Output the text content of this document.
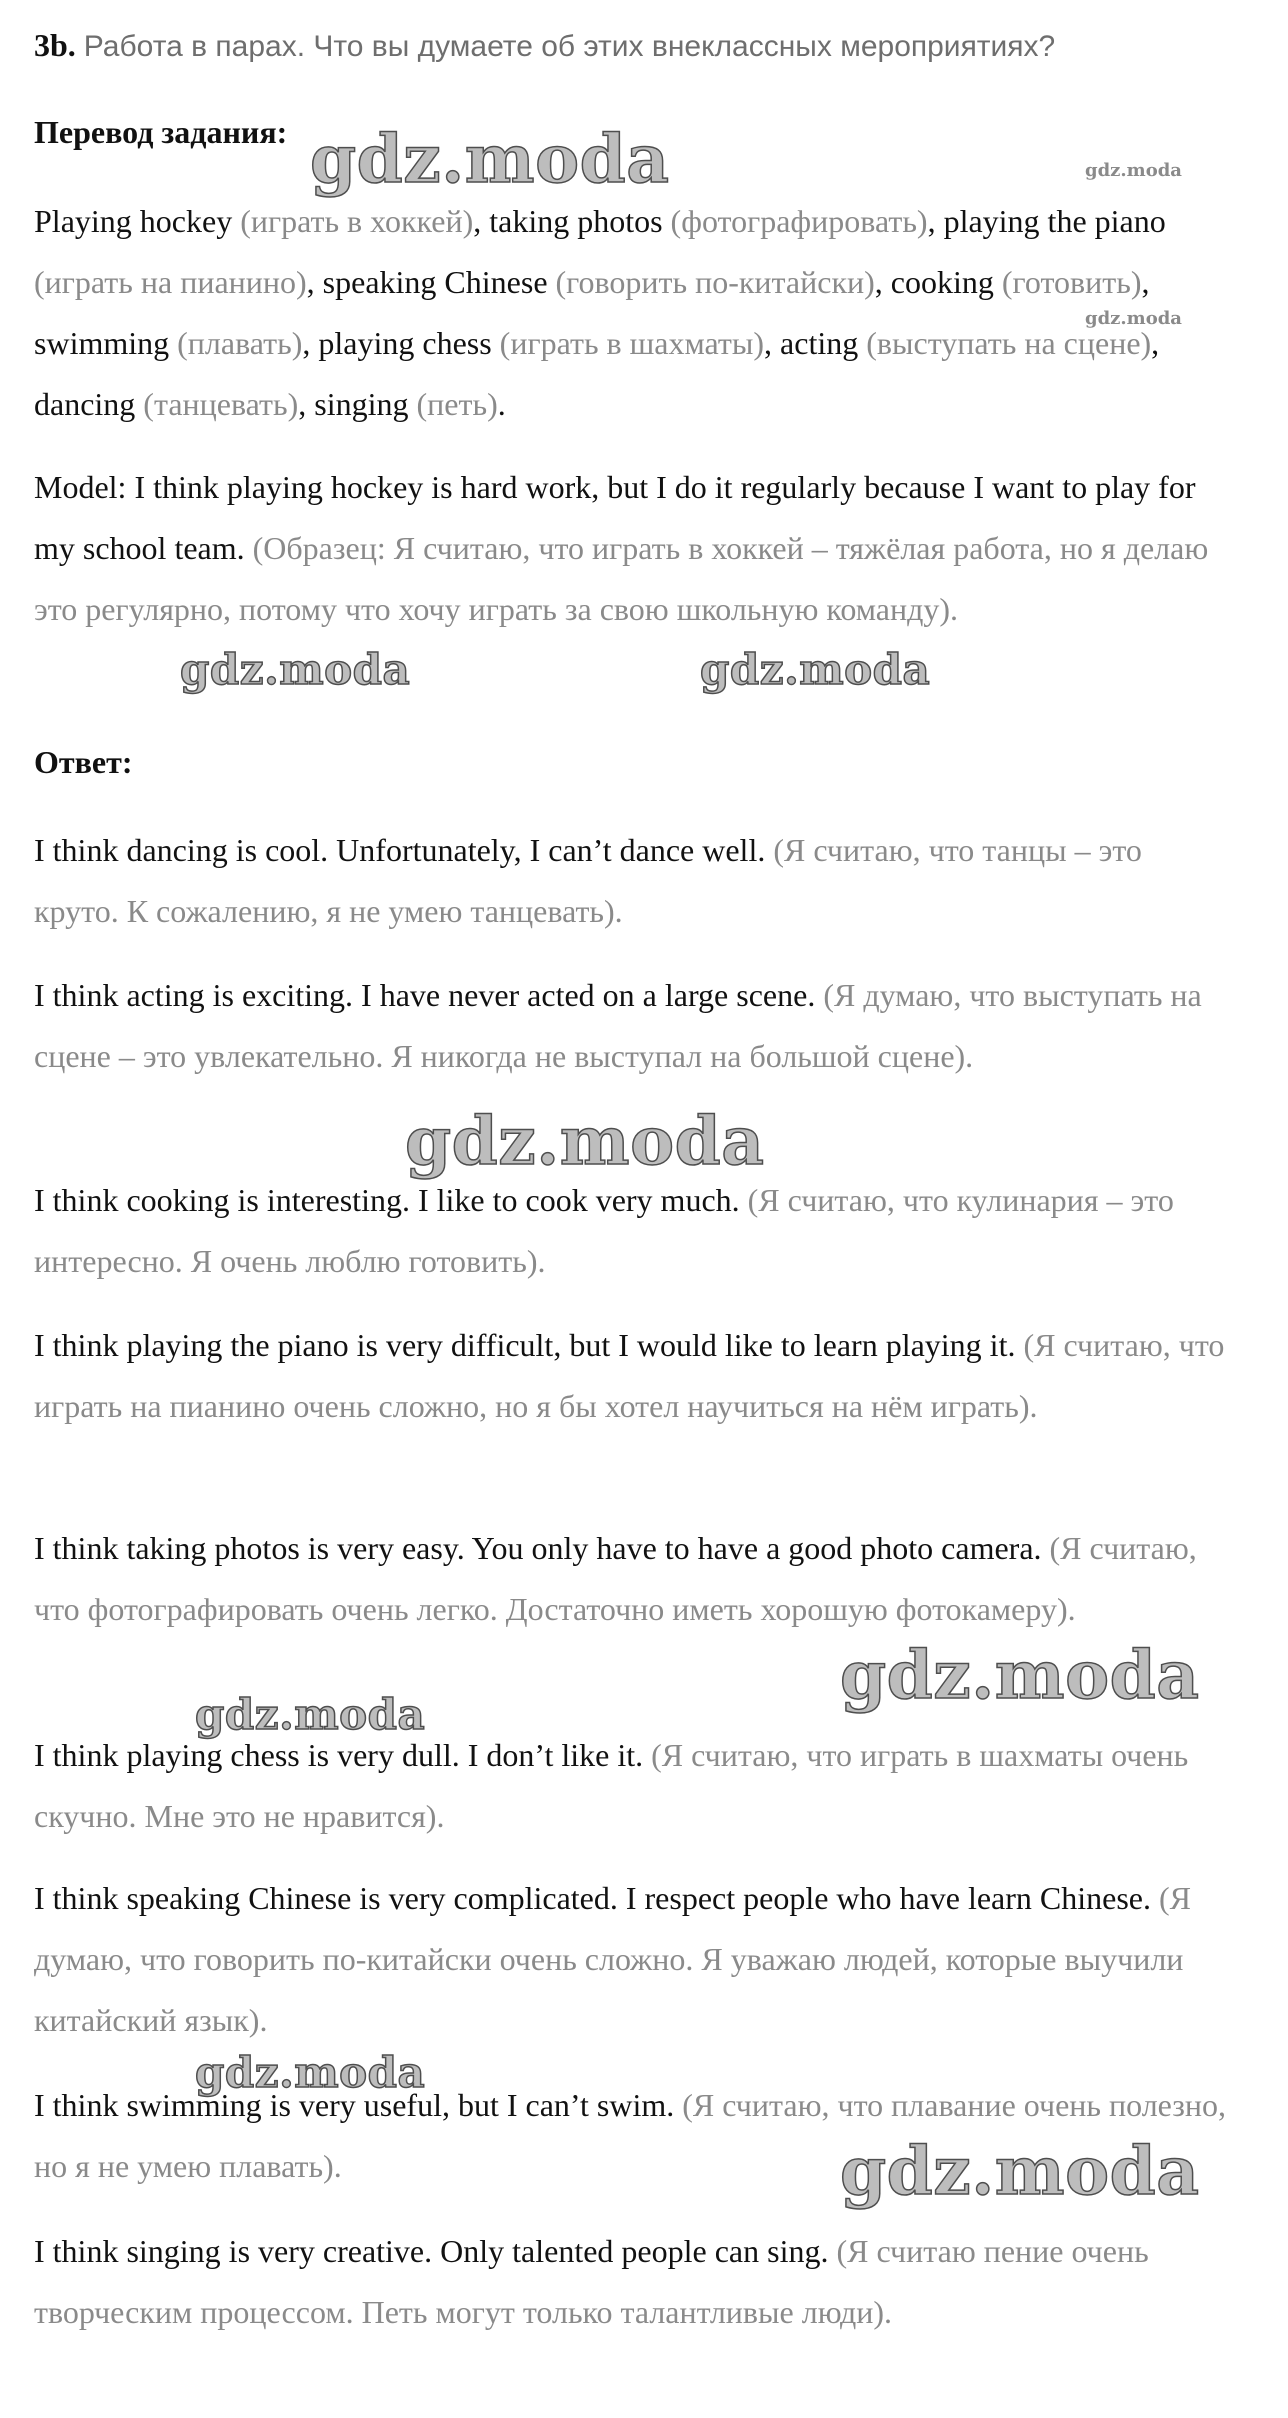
3b. Работа в парах. Что вы думаете об этих внеклассных мероприятиях?
Перевод задания:

Playing hockey (играть в хоккей), taking photos (фотографировать), playing the piano (играть на пианино), speaking Chinese (говорить по-китайски), cooking (готовить), swimming (плавать), playing chess (играть в шахматы), acting (выступать на сцене), dancing (танцевать), singing (петь).

Model: I think playing hockey is hard work, but I do it regularly because I want to play for my school team. (Образец: Я считаю, что играть в хоккей – тяжёлая работа, но я делаю это регулярно, потому что хочу играть за свою школьную команду).

Ответ:

I think dancing is cool. Unfortunately, I can’t dance well. (Я считаю, что танцы – это круто. К сожалению, я не умею танцевать).

I think acting is exciting. I have never acted on a large scene. (Я думаю, что выступать на сцене – это увлекательно. Я никогда не выступал на большой сцене).

I think cooking is interesting. I like to cook very much. (Я считаю, что кулинария – это интересно. Я очень люблю готовить).

I think playing the piano is very difficult, but I would like to learn playing it. (Я считаю, что играть на пианино очень сложно, но я бы хотел научиться на нём играть).

I think taking photos is very easy. You only have to have a good photo camera. (Я считаю, что фотографировать очень легко. Достаточно иметь хорошую фотокамеру).

I think playing chess is very dull. I don’t like it. (Я считаю, что играть в шахматы очень скучно. Мне это не нравится).

I think speaking Chinese is very complicated. I respect people who have learn Chinese. (Я думаю, что говорить по-китайски очень сложно. Я уважаю людей, которые выучили китайский язык).

I think swimming is very useful, but I can’t swim. (Я считаю, что плавание очень полезно, но я не умею плавать).

I think singing is very creative. Only talented people can sing. (Я считаю пение очень творческим процессом. Петь могут только талантливые люди).

gdz.moda	gdz.moda
gdz.moda
gdz.moda	gdz.moda
gdz.moda
gdz.moda
gdz.moda
gdz.moda
gdz.moda
